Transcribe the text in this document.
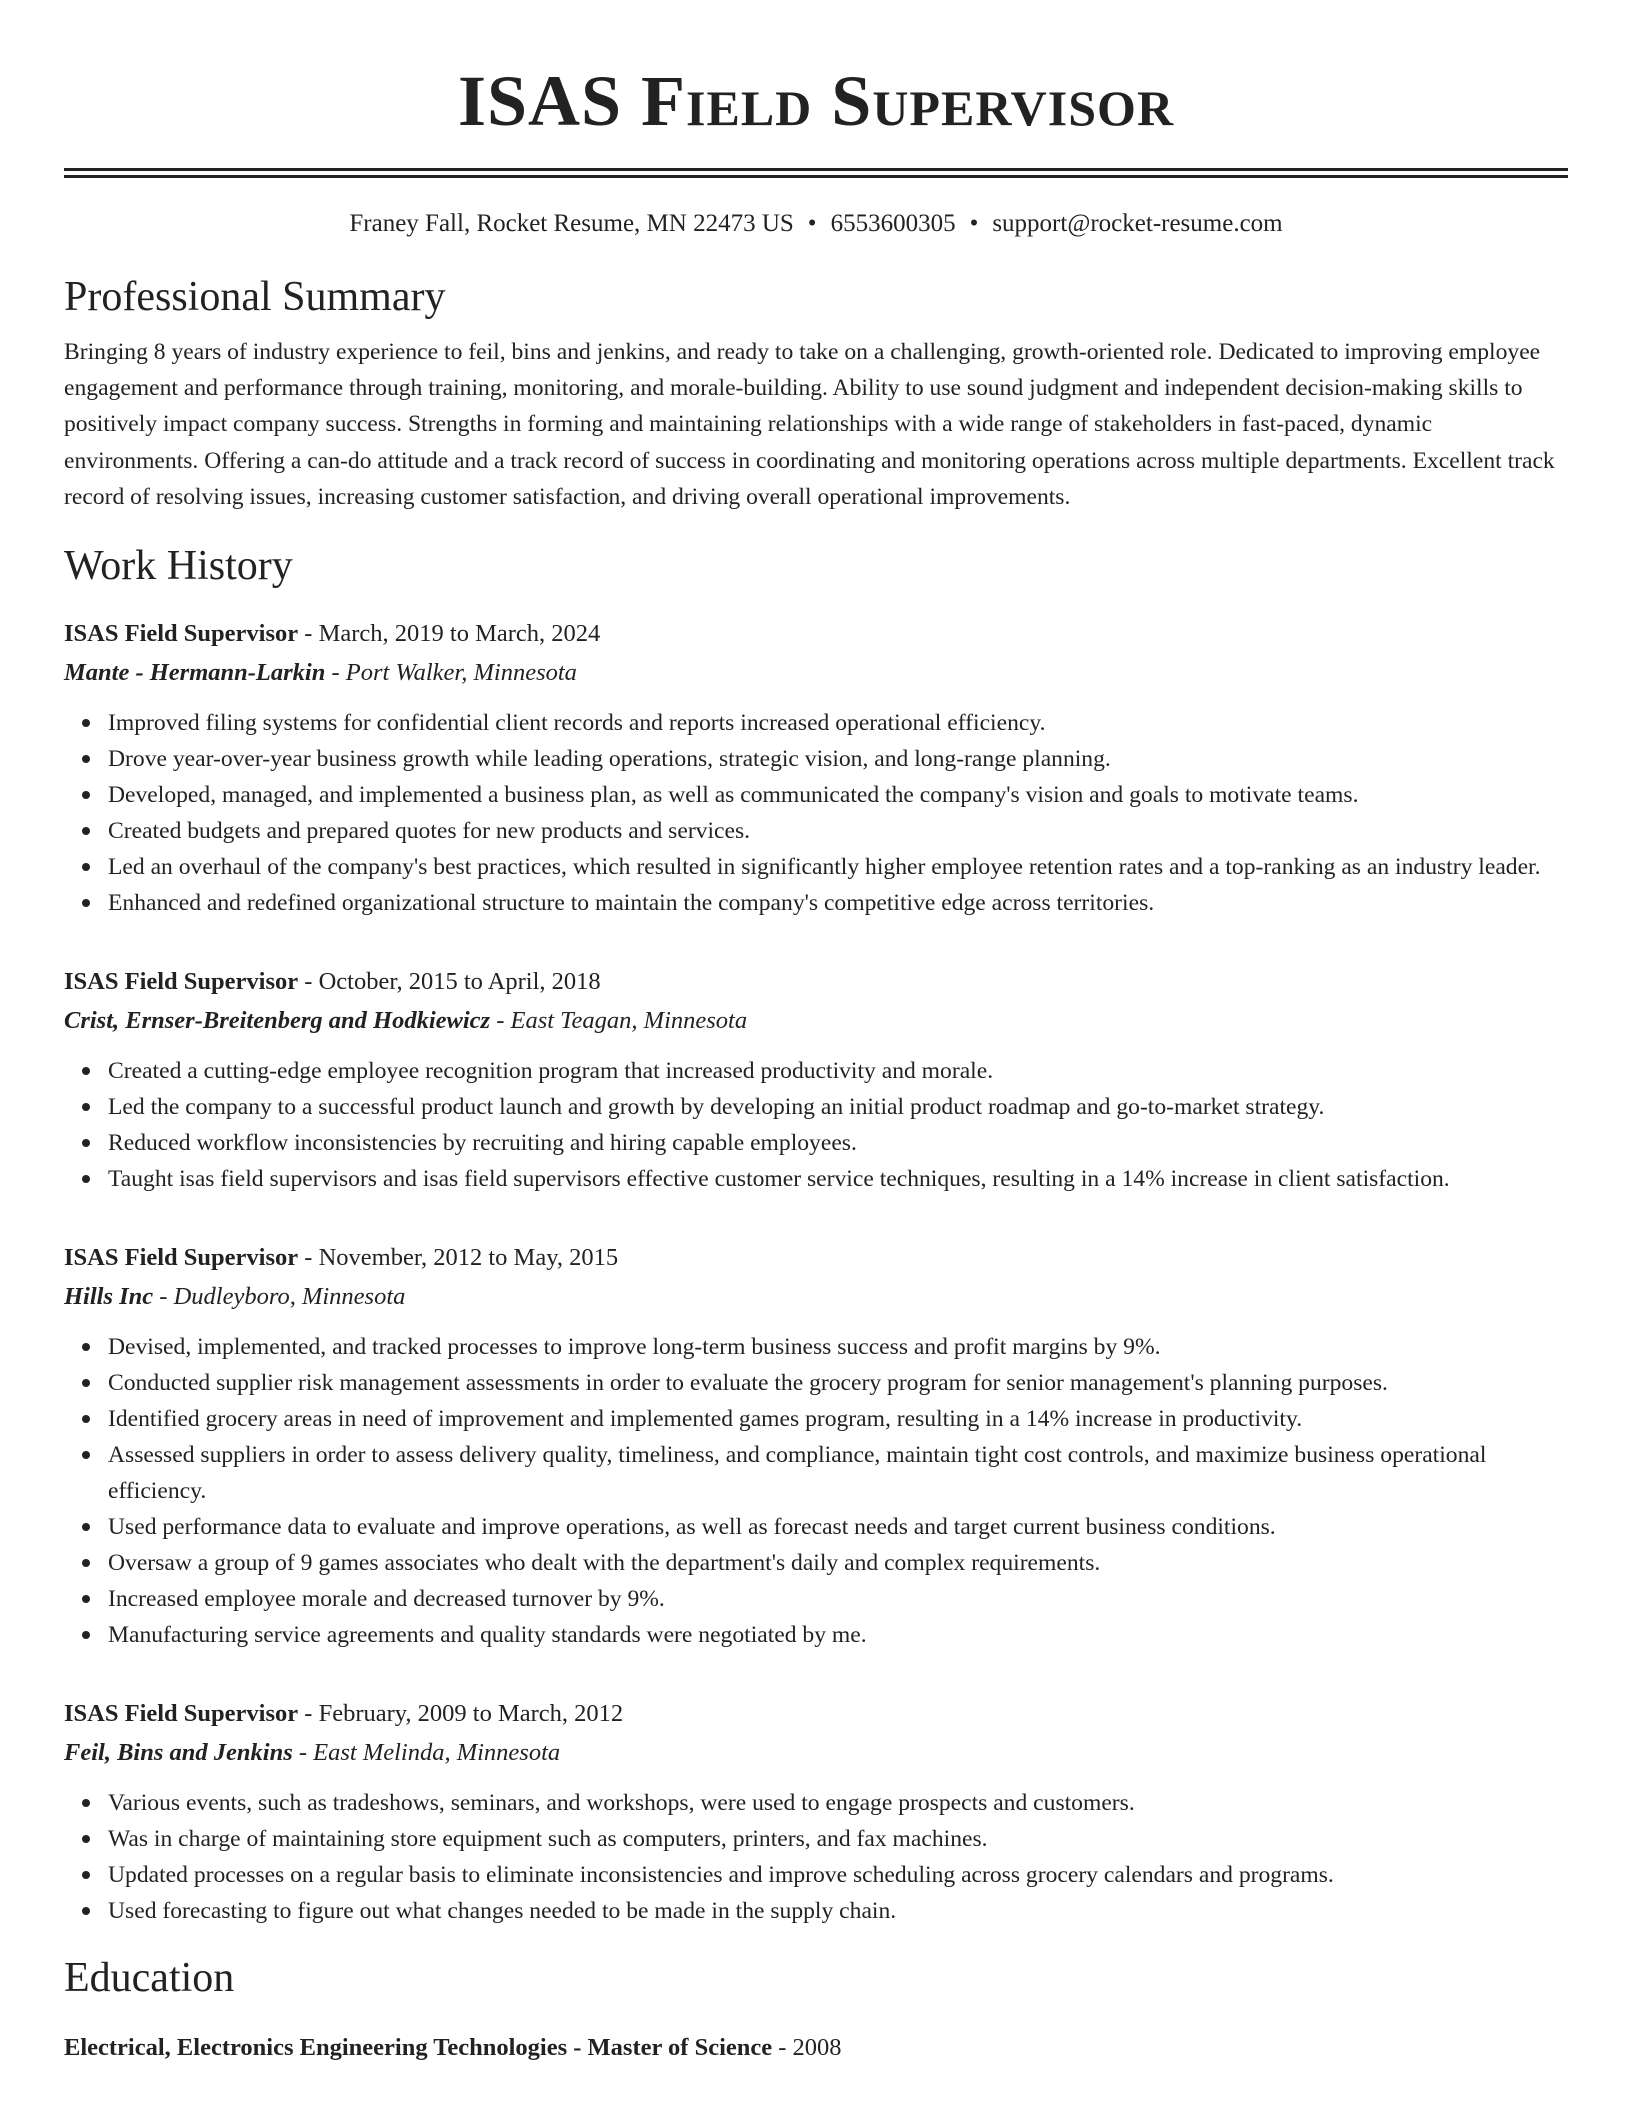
ISAS Field Supervisor
Franey Fall, Rocket Resume, MN 22473 US • 6553600305 • support@rocket-resume.com
Professional Summary

Bringing 8 years of industry experience to feil, bins and jenkins, and ready to take on a challenging, growth-oriented role. Dedicated to improving employee engagement and performance through training, monitoring, and morale-building. Ability to use sound judgment and independent decision-making skills to positively impact company success. Strengths in forming and maintaining relationships with a wide range of stakeholders in fast-paced, dynamic environments. Offering a can-do attitude and a track record of success in coordinating and monitoring operations across multiple departments. Excellent track record of resolving issues, increasing customer satisfaction, and driving overall operational improvements.

Work History
ISAS Field Supervisor - March, 2019 to March, 2024
Mante - Hermann-Larkin - Port Walker, Minnesota
Improved filing systems for confidential client records and reports increased operational efficiency.
Drove year-over-year business growth while leading operations, strategic vision, and long-range planning.
Developed, managed, and implemented a business plan, as well as communicated the company's vision and goals to motivate teams.
Created budgets and prepared quotes for new products and services.
Led an overhaul of the company's best practices, which resulted in significantly higher employee retention rates and a top-ranking as an industry leader.
Enhanced and redefined organizational structure to maintain the company's competitive edge across territories.
ISAS Field Supervisor - October, 2015 to April, 2018
Crist, Ernser-Breitenberg and Hodkiewicz - East Teagan, Minnesota
Created a cutting-edge employee recognition program that increased productivity and morale.
Led the company to a successful product launch and growth by developing an initial product roadmap and go-to-market strategy.
Reduced workflow inconsistencies by recruiting and hiring capable employees.
Taught isas field supervisors and isas field supervisors effective customer service techniques, resulting in a 14% increase in client satisfaction.
ISAS Field Supervisor - November, 2012 to May, 2015
Hills Inc - Dudleyboro, Minnesota
Devised, implemented, and tracked processes to improve long-term business success and profit margins by 9%.
Conducted supplier risk management assessments in order to evaluate the grocery program for senior management's planning purposes.
Identified grocery areas in need of improvement and implemented games program, resulting in a 14% increase in productivity.
Assessed suppliers in order to assess delivery quality, timeliness, and compliance, maintain tight cost controls, and maximize business operational efficiency.
Used performance data to evaluate and improve operations, as well as forecast needs and target current business conditions.
Oversaw a group of 9 games associates who dealt with the department's daily and complex requirements.
Increased employee morale and decreased turnover by 9%.
Manufacturing service agreements and quality standards were negotiated by me.
ISAS Field Supervisor - February, 2009 to March, 2012
Feil, Bins and Jenkins - East Melinda, Minnesota
Various events, such as tradeshows, seminars, and workshops, were used to engage prospects and customers.
Was in charge of maintaining store equipment such as computers, printers, and fax machines.
Updated processes on a regular basis to eliminate inconsistencies and improve scheduling across grocery calendars and programs.
Used forecasting to figure out what changes needed to be made in the supply chain.
Education
Electrical, Electronics Engineering Technologies - Master of Science - 2008
